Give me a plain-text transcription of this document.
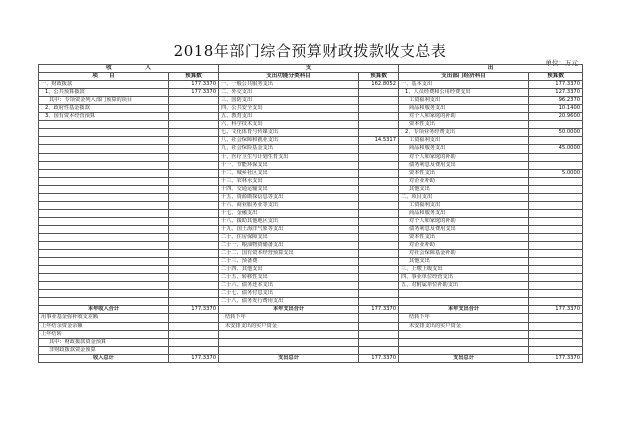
2018年部门综合预算财政拨款收支总表
单位：万元
收　　　　　　入		支		出	
项　　目	预算数	支出功能分类科目	预算数	支出部门经济科目	预算数
一、财政拨款	177.3370	一、一般公共服务支出	162.8052	一、基本支出	177.3370
1、公共预算拨款	177.3370	二、外交支出		1、人员经费和公用经费支出	127.3370
其中：专项资金列入部门预算的项目		三、国防支出		工资福利支出	96.2370
2、政府性基金拨款		四、公共安全支出		商品和服务支出	10.1400
3、国有资本经营预算		五、教育支出		对个人和家庭的补助	20.9600
		六、科学技术支出		资本性支出	
		七、文化体育与传媒支出		2、专项业务经费支出	50.0000
		八、社会保障和就业支出	14.5317	工资福利支出	
		九、社会保险基金支出		商品和服务支出	45.0000
		十、医疗卫生与计划生育支出		对个人和家庭的补助	
		十一、节能环保支出		债务利息及费用支出	
		十二、城乡社区支出		资本性支出	5.0000
		十三、农林水支出		对企业补助	
		十四、交通运输支出		其他支出	
		十五、资源勘探信息等支出		二、项目支出	
		十六、商业服务业等支出		工资福利支出	
		十七、金融支出		商品和服务支出	
		十八、援助其他地区支出		对个人和家庭的补助	
		十九、国土海洋气象等支出		债务利息及费用支出	
		二十、住房保障支出		资本性支出	
		二十一、粮油物资储备支出		对企业补助	
		二十二、国有资本经营预算支出		对社会保障基金补助	
		二十三、预备费		其他支出	
		二十四、其他支出		三、上缴上级支出	
		二十五、转移性支出		四、事业单位经营支出	
		二十六、债务还本支出		五、对附属单位补助支出	
		二十七、债务付息支出			
		二十八、债务发行费用支出			
本年收入合计	177.3370	本年支出合计	177.3370	本年支出合计	177.3370
用事业基金弥补收支差额		结转下年		结转下年	
上年结余资金余额		未安排支出的实户资金		未安排支出的实户资金	
上年结转					
其中：财政拨款资金预算					
非财政拨款资金预算					
收入总计	177.3370	支出总计	177.3370	支出总计	177.3370
